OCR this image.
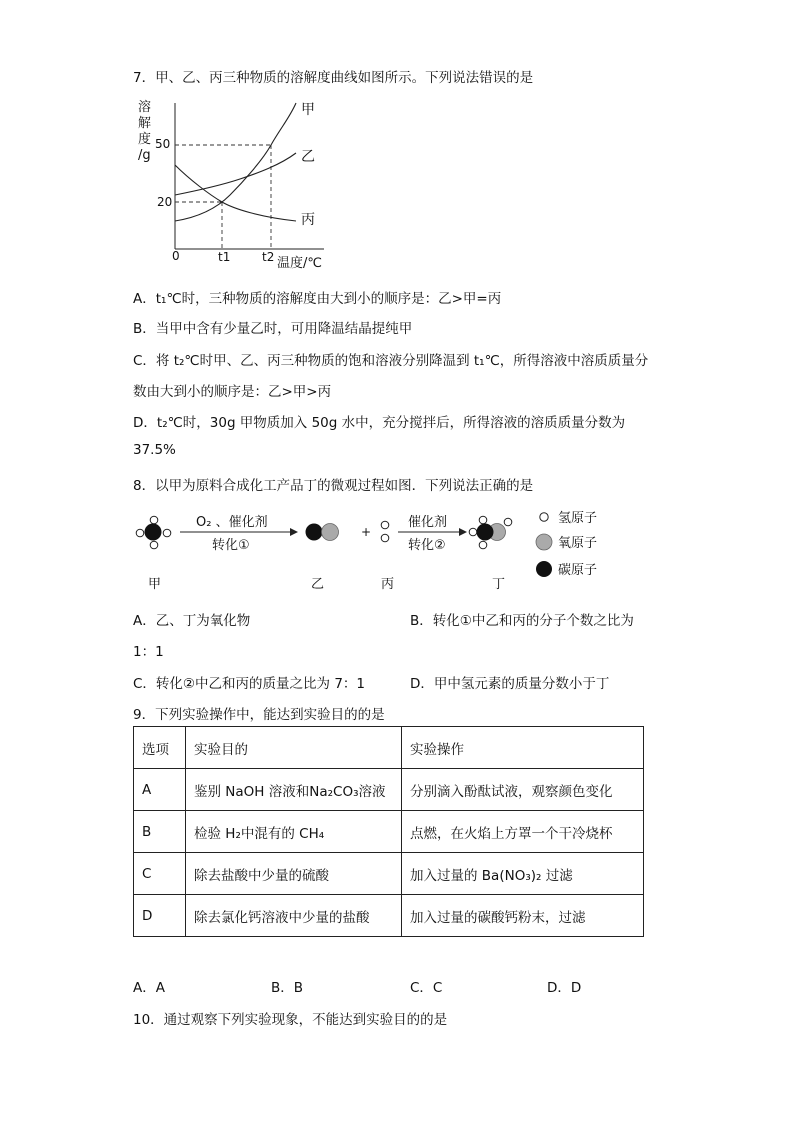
7．甲、乙、丙三种物质的溶解度曲线如图所示。下列说法错误的是
溶
解
度
/g
50
20
0	t1	t2 温度/℃
甲
乙
丙
A．t₁℃时，三种物质的溶解度由大到小的顺序是：乙>甲=丙
B．当甲中含有少量乙时，可用降温结晶提纯甲
C．将 t₂℃时甲、乙、丙三种物质的饱和溶液分别降温到 t₁℃，所得溶液中溶质质量分
数由大到小的顺序是：乙>甲>丙
D．t₂℃时，30g 甲物质加入 50g 水中，充分搅拌后，所得溶液的溶质质量分数为
37.5%
8．以甲为原料合成化工产品丁的微观过程如图．下列说法正确的是
O₂ 、催化剂
转化①
+
催化剂
转化②
氢原子
氧原子
碳原子
甲	乙	丙	丁
A．乙、丁为氧化物	B．转化①中乙和丙的分子个数之比为
1：1
C．转化②中乙和丙的质量之比为 7：1	D．甲中氢元素的质量分数小于丁
9．下列实验操作中，能达到实验目的的是
选项	实验目的	实验操作
A	鉴别 NaOH 溶液和Na₂CO₃溶液	分别滴入酚酞试液，观察颜色变化
B	检验 H₂中混有的 CH₄	点燃，在火焰上方罩一个干冷烧杯
C	除去盐酸中少量的硫酸	加入过量的 Ba(NO₃)₂ 过滤
D	除去氯化钙溶液中少量的盐酸	加入过量的碳酸钙粉末，过滤
A．A	B．B	C．C	D．D
10．通过观察下列实验现象，不能达到实验目的的是
